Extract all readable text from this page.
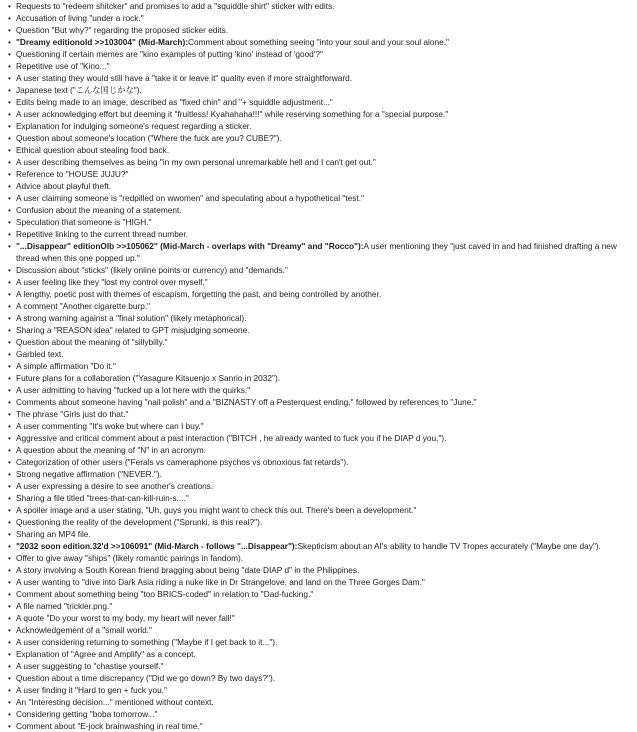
• Requests to "redeem shitcker" and promises to add a "squiddle shirt" sticker with edits.
• Accusation of living "under a rock."
• Question "But why?" regarding the proposed sticker edits.
• "Dreamy editionold >>103004" (Mid-March):Comment about something seeing "into your soul and your soul alone."
• Questioning if certain memes are "kino examples of putting 'kino' instead of 'good'?"
• Repetitive use of "Kino..."
• A user stating they would still have a "take it or leave it" quality even if more straightforward.
• Japanese text ("こんな国じかな").
• Edits being made to an image, described as "fixed chin" and "+ squiddle adjustment..."
• A user acknowledging effort but deeming it "fruitless! Kyahahaha!!!" while reserving something for a "special purpose."
• Explanation for indulging someone's request regarding a sticker.
• Question about someone's location ("Where the fuck are you? CUBE?").
• Ethical question about stealing food back.
• A user describing themselves as being "in my own personal unremarkable hell and I can't get out."
• Reference to "HOUSE JUJU?"
• Advice about playful theft.
• A user claiming someone is "redpilled on wwomen" and speculating about a hypothetical "test."
• Confusion about the meaning of a statement.
• Speculation that someone is "HIGH."
• Repetitive linking to the current thread number.
• "...Disappear" editionOlb >>105062" (Mid-March - overlaps with "Dreamy" and "Rocco"):A user mentioning they "just caved in and had finished drafting a new thread when this one popped up."
• Discussion about "sticks" (likely online points or currency) and "demands."
• A user feeling like they "lost my control over myself."
• A lengthy, poetic post with themes of escapism, forgetting the past, and being controlled by another.
• A comment "Another cigarette burp."
• A strong warning against a "final solution" (likely metaphorical).
• Sharing a "REASON idea" related to GPT misjudging someone.
• Question about the meaning of "sillybilly."
• Garbled text.
• A simple affirmation "Do it."
• Future plans for a collaboration ("Yasagure Kitsuenjo x Sanrio in 2032").
• A user admitting to having "fucked up a lot here with the quirks."
• Comments about someone having "nail polish" and a "BIZNASTY off a Pesterquest ending," followed by references to "June."
• The phrase "Girls just do that."
• A user commenting "It's woke but where can I buy."
• Aggressive and critical comment about a past interaction ("BITCH , he already wanted to fuck you if he DIAP d you.").
• A question about the meaning of "N" in an acronym.
• Categorization of other users ("Ferals vs cameraphone psychos vs obnoxious fat retards").
• Strong negative affirmation ("NEVER.").
• A user expressing a desire to see another's creations.
• Sharing a file titled "trees-that-can-kill-ruin-s...."
• A spoiler image and a user stating, "Uh, guys you might want to check this out. There's been a development."
• Questioning the reality of the development ("Sprunki, is this real?").
• Sharing an MP4 file.
• "2032 soon edition.32'd >>106091" (Mid-March - follows "...Disappear"):Skepticism about an AI's ability to handle TV Tropes accurately ("Maybe one day").
• Offer to give away "ships" (likely romantic pairings in fandom).
• A story involving a South Korean friend bragging about being "date DIAP d" in the Philippines.
• A user wanting to "dive into Dark Asia riding a nuke like in Dr Strangelove, and land on the Three Gorges Dam."
• Comment about something being "too BRICS-coded" in relation to "Dad-fucking."
• A file named "trickler.png."
• A quote "Do your worst to my body, my heart will never fall!"
• Acknowledgement of a "small world."
• A user considering returning to something ("Maybe if I get back to it...").
• Explanation of "Agree and Amplify" as a concept.
• A user suggesting to "chastise yourself."
• Question about a time discrepancy ("Did we go down? By two days?").
• A user finding it "Hard to gen + fuck you."
• An "Interesting decision..." mentioned without context.
• Considering getting "boba tomorrow..."
• Comment about "E-jock brainwashing in real time."
